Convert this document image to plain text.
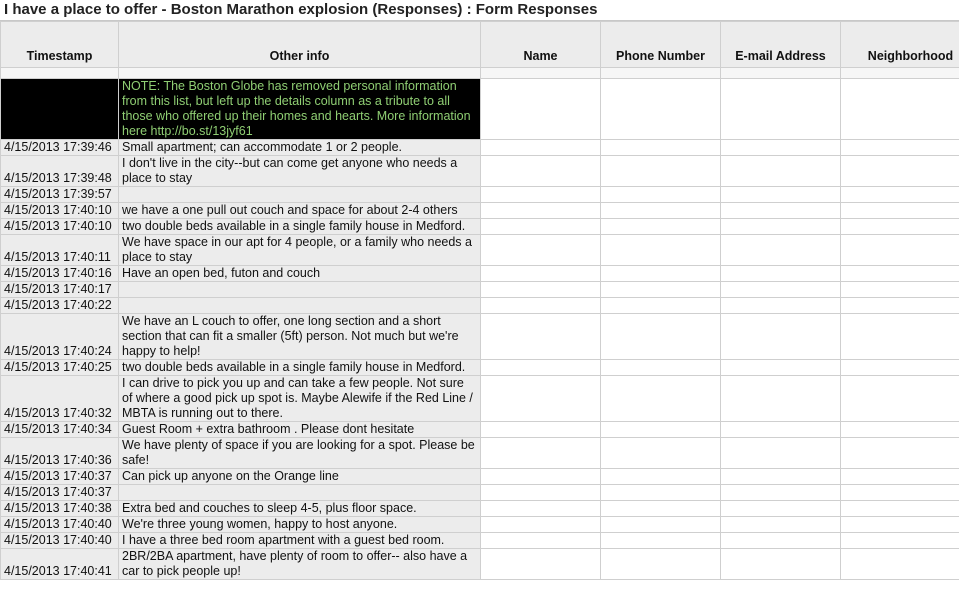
I have a place to offer - Boston Marathon explosion (Responses) : Form Responses
Timestamp	Other info	Name	Phone Number	E-mail Address	Neighborhood

	NOTE: The Boston Globe has removed personal information from this list, but left up the details column as a tribute to all those who offered up their homes and hearts. More information here http://bo.st/13jyf61				
4/15/2013 17:39:46	Small apartment; can accommodate 1 or 2 people.				
4/15/2013 17:39:48	I don't live in the city--but can come get anyone who needs a place to stay				
4/15/2013 17:39:57					
4/15/2013 17:40:10	we have a one pull out couch and space for about 2-4 others				
4/15/2013 17:40:10	two double beds available in a single family house in Medford.				
4/15/2013 17:40:11	We have space in our apt for 4 people, or a family who needs a place to stay				
4/15/2013 17:40:16	Have an open bed, futon and couch				
4/15/2013 17:40:17					
4/15/2013 17:40:22					
4/15/2013 17:40:24	We have an L couch to offer, one long section and a short section that can fit a smaller (5ft) person. Not much but we're happy to help!				
4/15/2013 17:40:25	two double beds available in a single family house in Medford.				
4/15/2013 17:40:32	I can drive to pick you up and can take a few people. Not sure of where a good pick up spot is. Maybe Alewife if the Red Line / MBTA is running out to there.				
4/15/2013 17:40:34	Guest Room + extra bathroom . Please dont hesitate				
4/15/2013 17:40:36	We have plenty of space if you are looking for a spot. Please be safe!				
4/15/2013 17:40:37	Can pick up anyone on the Orange line				
4/15/2013 17:40:37					
4/15/2013 17:40:38	Extra bed and couches to sleep 4-5, plus floor space.				
4/15/2013 17:40:40	We're three young women, happy to host anyone.				
4/15/2013 17:40:40	I have a three bed room apartment with a guest bed room.				
4/15/2013 17:40:41	2BR/2BA apartment, have plenty of room to offer-- also have a car to pick people up!				
